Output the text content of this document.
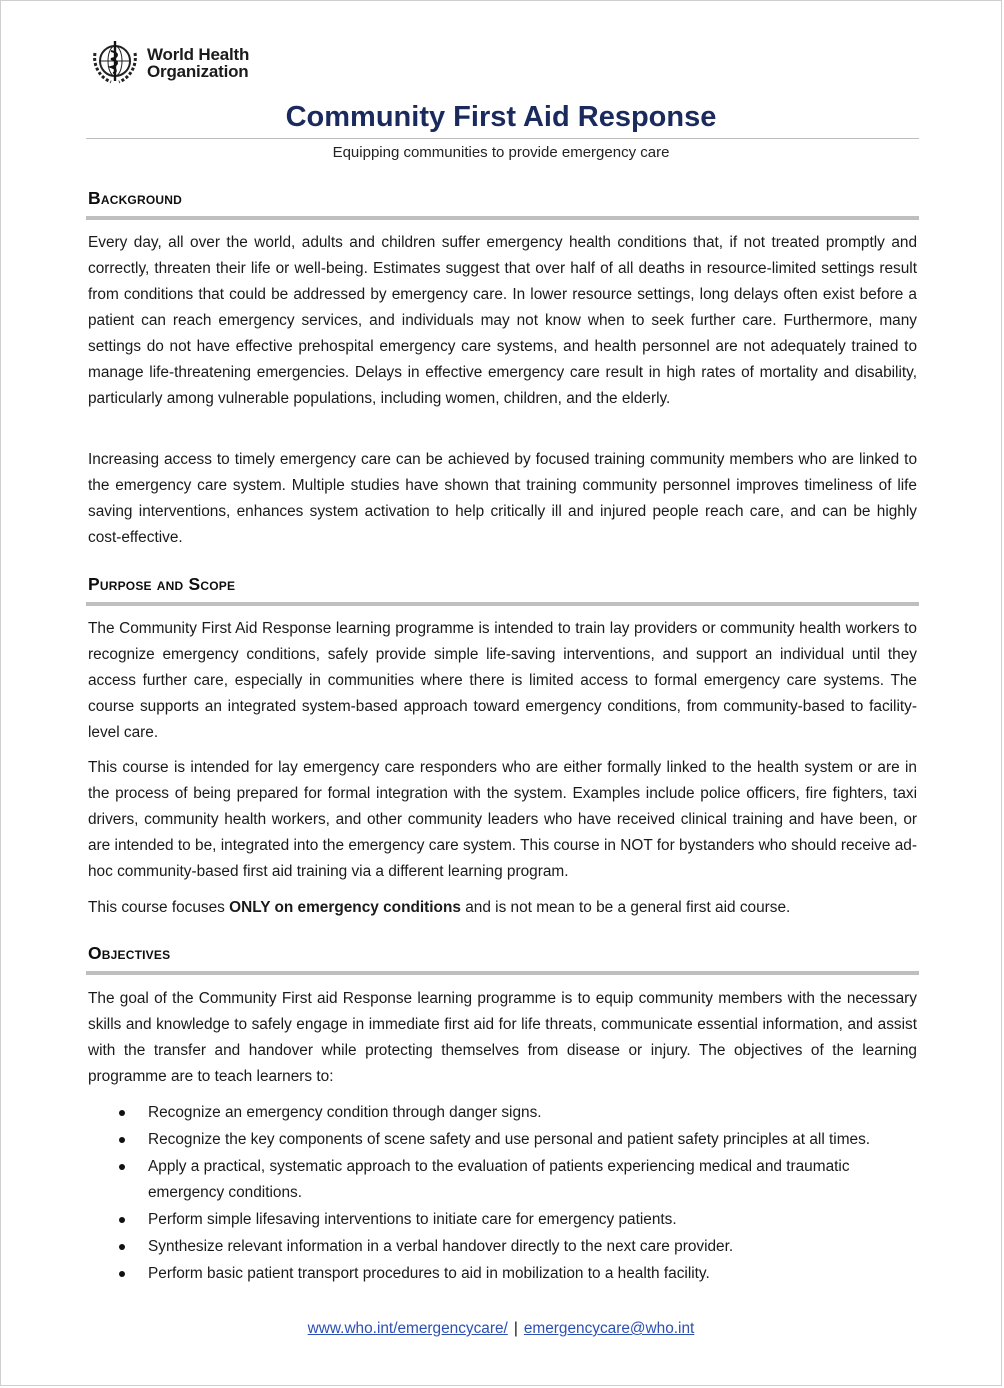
World Health
Organization
Community First Aid Response
Equipping communities to provide emergency care
Background
Every day, all over the world, adults and children suffer emergency health conditions that, if not treated promptly and correctly, threaten their life or well-being. Estimates suggest that over half of all deaths in resource-limited settings result from conditions that could be addressed by emergency care. In lower resource settings, long delays often exist before a patient can reach emergency services, and individuals may not know when to seek further care. Furthermore, many settings do not have effective prehospital emergency care systems, and health personnel are not adequately trained to manage life-threatening emergencies. Delays in effective emergency care result in high rates of mortality and disability, particularly among vulnerable populations, including women, children, and the elderly.
Increasing access to timely emergency care can be achieved by focused training community members who are linked to the emergency care system. Multiple studies have shown that training community personnel improves timeliness of life saving interventions, enhances system activation to help critically ill and injured people reach care, and can be highly cost-effective.
Purpose and Scope
The Community First Aid Response learning programme is intended to train lay providers or community health workers to recognize emergency conditions, safely provide simple life-saving interventions, and support an individual until they access further care, especially in communities where there is limited access to formal emergency care systems. The course supports an integrated system-based approach toward emergency conditions, from community-based to facility-level care.
This course is intended for lay emergency care responders who are either formally linked to the health system or are in the process of being prepared for formal integration with the system. Examples include police officers, fire fighters, taxi drivers, community health workers, and other community leaders who have received clinical training and have been, or are intended to be, integrated into the emergency care system. This course in NOT for bystanders who should receive ad-hoc community-based first aid training via a different learning program.
This course focuses ONLY on emergency conditions and is not mean to be a general first aid course.
Objectives
The goal of the Community First aid Response learning programme is to equip community members with the necessary skills and knowledge to safely engage in immediate first aid for life threats, communicate essential information, and assist with the transfer and handover while protecting themselves from disease or injury. The objectives of the learning programme are to teach learners to:
Recognize an emergency condition through danger signs.
Recognize the key components of scene safety and use personal and patient safety principles at all times.
Apply a practical, systematic approach to the evaluation of patients experiencing medical and traumatic emergency conditions.
Perform simple lifesaving interventions to initiate care for emergency patients.
Synthesize relevant information in a verbal handover directly to the next care provider.
Perform basic patient transport procedures to aid in mobilization to a health facility.
www.who.int/emergencycare/ | emergencycare@who.int
